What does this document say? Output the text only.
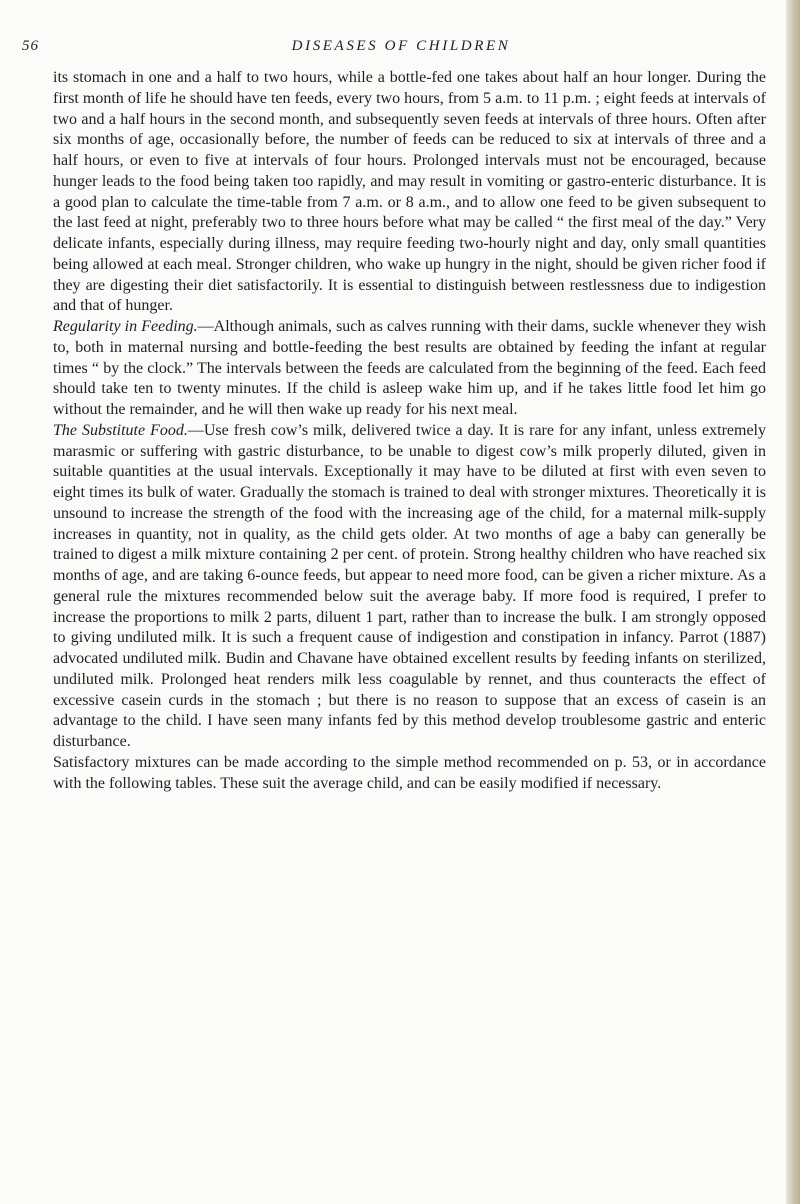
56	DISEASES OF CHILDREN

its stomach in one and a half to two hours, while a bottle-fed one takes about half an hour longer. During the first month of life he should have ten feeds, every two hours, from 5 a.m. to 11 p.m. ; eight feeds at intervals of two and a half hours in the second month, and subsequently seven feeds at intervals of three hours. Often after six months of age, occasionally before, the number of feeds can be reduced to six at intervals of three and a half hours, or even to five at intervals of four hours. Prolonged intervals must not be encouraged, because hunger leads to the food being taken too rapidly, and may result in vomiting or gastro-enteric disturbance. It is a good plan to calculate the time-table from 7 a.m. or 8 a.m., and to allow one feed to be given subsequent to the last feed at night, preferably two to three hours before what may be called “ the first meal of the day.” Very delicate infants, especially during illness, may require feeding two-hourly night and day, only small quantities being allowed at each meal. Stronger children, who wake up hungry in the night, should be given richer food if they are digesting their diet satisfactorily. It is essential to distinguish between restlessness due to indigestion and that of hunger.

Regularity in Feeding.—Although animals, such as calves running with their dams, suckle whenever they wish to, both in maternal nursing and bottle-feeding the best results are obtained by feeding the infant at regular times “ by the clock.” The intervals between the feeds are calculated from the beginning of the feed. Each feed should take ten to twenty minutes. If the child is asleep wake him up, and if he takes little food let him go without the remainder, and he will then wake up ready for his next meal.

The Substitute Food.—Use fresh cow’s milk, delivered twice a day. It is rare for any infant, unless extremely marasmic or suffering with gastric disturbance, to be unable to digest cow’s milk properly diluted, given in suitable quantities at the usual intervals. Exceptionally it may have to be diluted at first with even seven to eight times its bulk of water. Gradually the stomach is trained to deal with stronger mixtures. Theoretically it is unsound to increase the strength of the food with the increasing age of the child, for a maternal milk-supply increases in quantity, not in quality, as the child gets older. At two months of age a baby can generally be trained to digest a milk mixture containing 2 per cent. of protein. Strong healthy children who have reached six months of age, and are taking 6-ounce feeds, but appear to need more food, can be given a richer mixture. As a general rule the mixtures recommended below suit the average baby. If more food is required, I prefer to increase the proportions to milk 2 parts, diluent 1 part, rather than to increase the bulk. I am strongly opposed to giving undiluted milk. It is such a frequent cause of indigestion and constipation in infancy. Parrot (1887) advocated undiluted milk. Budin and Chavane have obtained excellent results by feeding infants on sterilized, undiluted milk. Prolonged heat renders milk less coagulable by rennet, and thus counteracts the effect of excessive casein curds in the stomach ; but there is no reason to suppose that an excess of casein is an advantage to the child. I have seen many infants fed by this method develop troublesome gastric and enteric disturbance.

Satisfactory mixtures can be made according to the simple method recommended on p. 53, or in accordance with the following tables. These suit the average child, and can be easily modified if necessary.
